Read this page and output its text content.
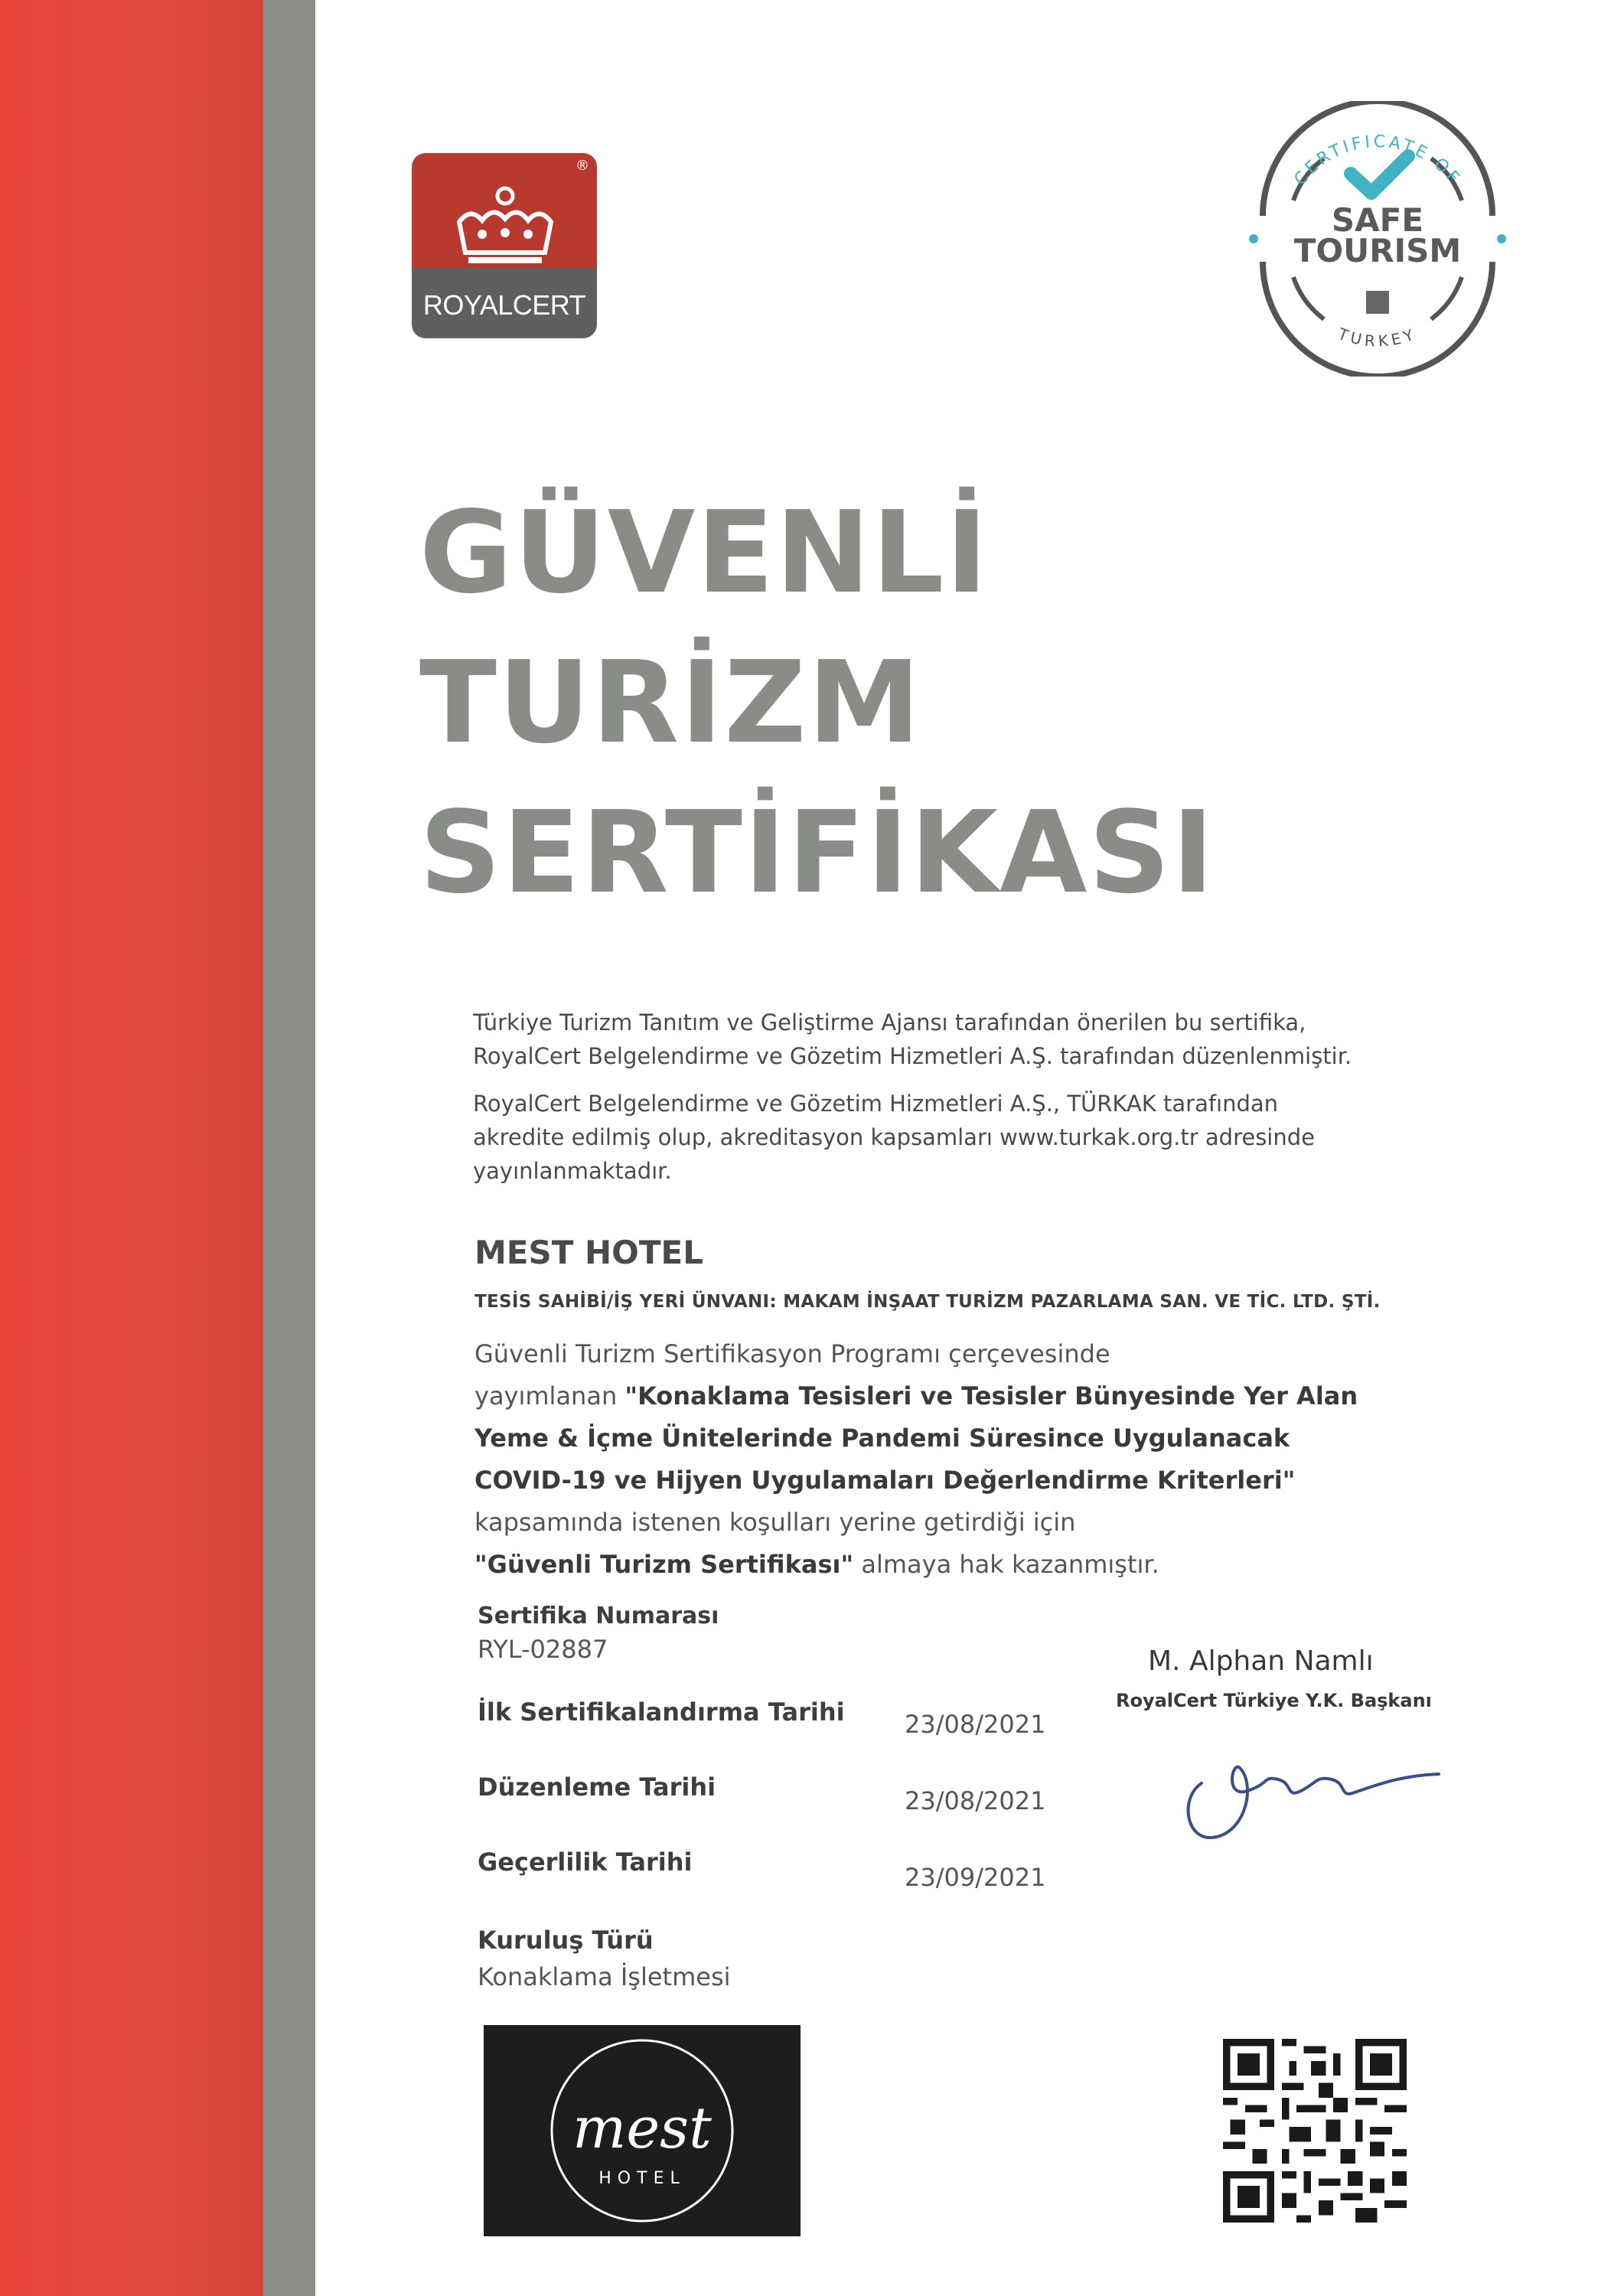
®
ROYALCERT
CERTIFICATE OF
TURKEY
SAFE
TOURISM
GÜVENLİ
TURİZM
SERTİFİKASI
Türkiye Turizm Tanıtım ve Geliştirme Ajansı tarafından önerilen bu sertifika,
RoyalCert Belgelendirme ve Gözetim Hizmetleri A.Ş. tarafından düzenlenmiştir.
RoyalCert Belgelendirme ve Gözetim Hizmetleri A.Ş., TÜRKAK tarafından
akredite edilmiş olup, akreditasyon kapsamları www.turkak.org.tr adresinde
yayınlanmaktadır.
MEST HOTEL
TESİS SAHİBİ/İŞ YERİ ÜNVANI: MAKAM İNŞAAT TURİZM PAZARLAMA SAN. VE TİC. LTD. ŞTİ.
Güvenli Turizm Sertifikasyon Programı çerçevesinde
yayımlanan "Konaklama Tesisleri ve Tesisler Bünyesinde Yer Alan
Yeme & İçme Ünitelerinde Pandemi Süresince Uygulanacak
COVID-19 ve Hijyen Uygulamaları Değerlendirme Kriterleri"
kapsamında istenen koşulları yerine getirdiği için
"Güvenli Turizm Sertifikası" almaya hak kazanmıştır.
Sertifika Numarası
RYL-02887
İlk Sertifikalandırma Tarihi 23/08/2021
Düzenleme Tarihi	23/08/2021
Geçerlilik Tarihi
23/09/2021
Kuruluş Türü
Konaklama İşletmesi
M. Alphan Namlı
RoyalCert Türkiye Y.K. Başkanı
mest
HOTEL
